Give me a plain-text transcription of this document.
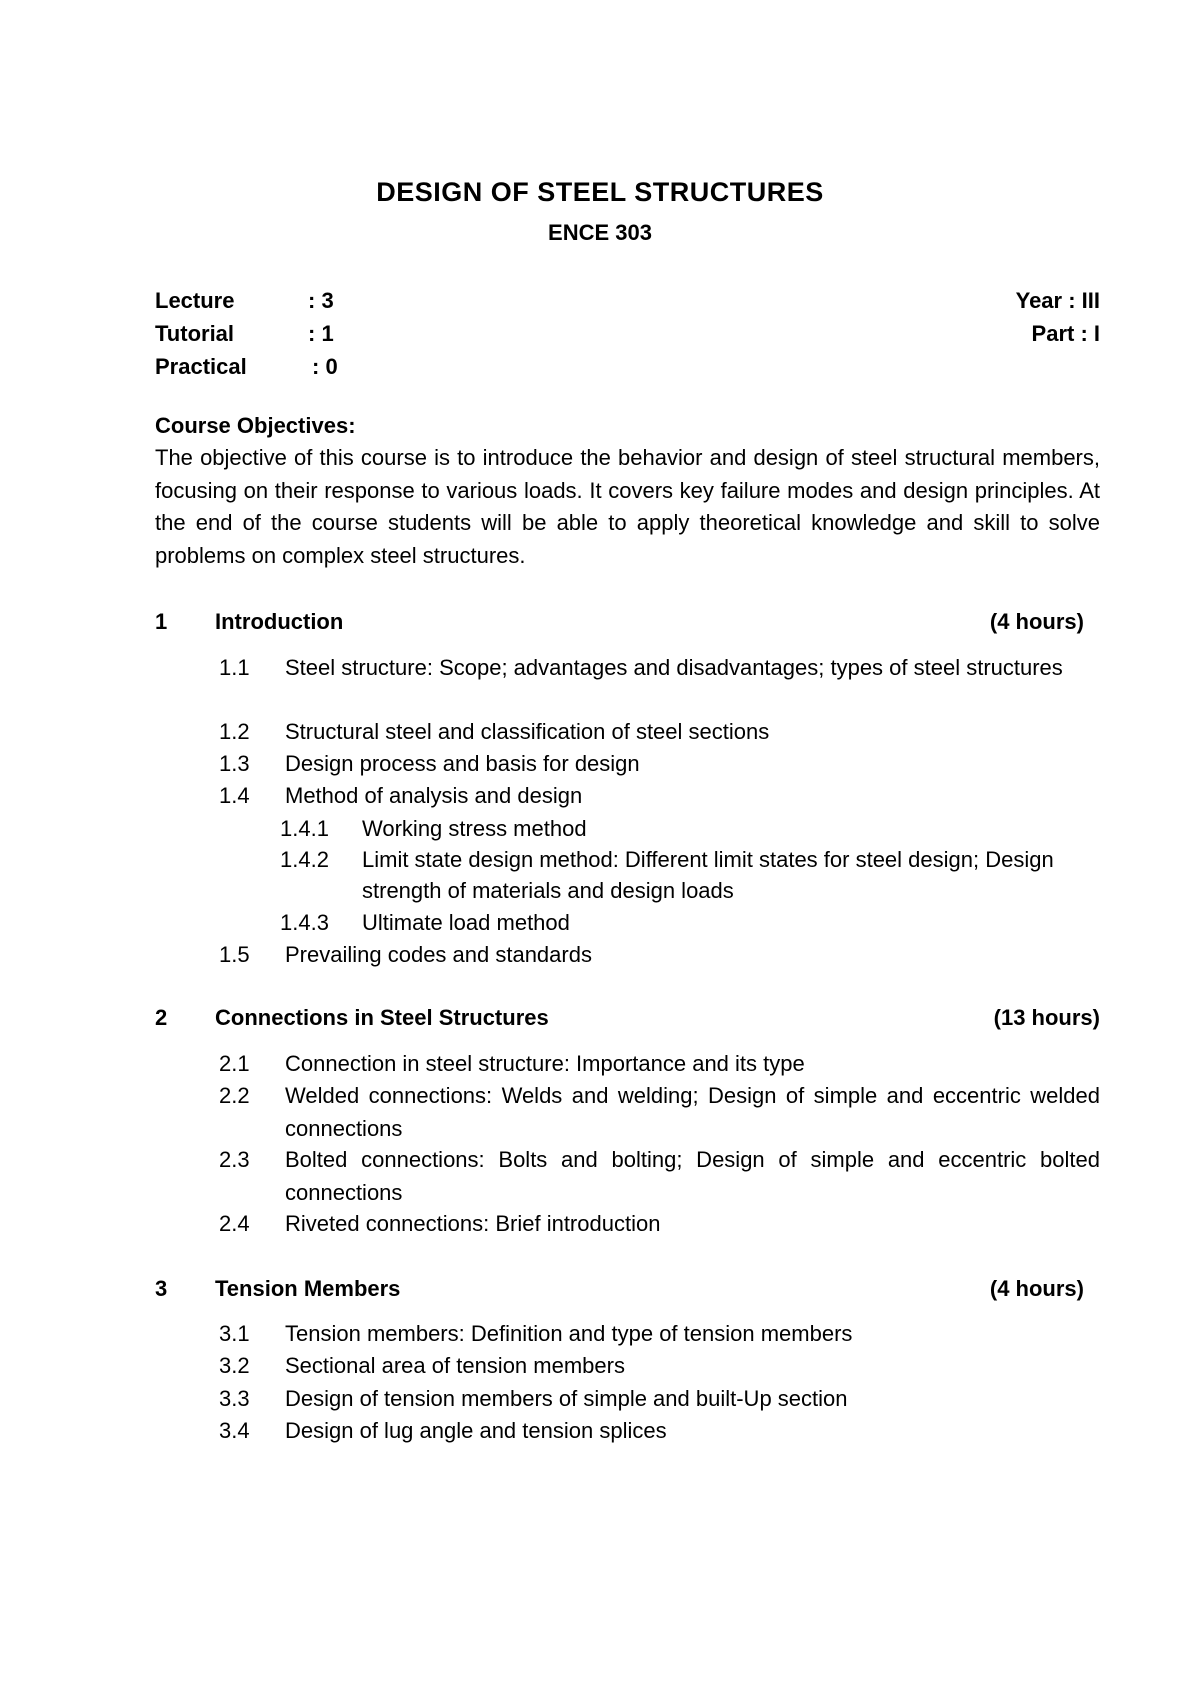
DESIGN OF STEEL STRUCTURES
ENCE 303
Lecture	: 3	Year : III
Tutorial	: 1	Part : I
Practical	: 0
Course Objectives:
The objective of this course is to introduce the behavior and design of steel structural members, focusing on their response to various loads. It covers key failure modes and design principles. At the end of the course students will be able to apply theoretical knowledge and skill to solve problems on complex steel structures.
1 Introduction	(4 hours)
1.1 Steel structure: Scope; advantages and disadvantages; types of steel structures
1.2 Structural steel and classification of steel sections
1.3 Design process and basis for design
1.4 Method of analysis and design
1.4.1 Working stress method
1.4.2 Limit state design method: Different limit states for steel design; Design strength of materials and design loads
1.4.3 Ultimate load method
1.5 Prevailing codes and standards
2 Connections in Steel Structures	(13 hours)
2.1 Connection in steel structure: Importance and its type
2.2 Welded connections: Welds and welding; Design of simple and eccentric welded connections
2.3 Bolted connections: Bolts and bolting; Design of simple and eccentric bolted connections
2.4 Riveted connections: Brief introduction
3 Tension Members	(4 hours)
3.1 Tension members: Definition and type of tension members
3.2 Sectional area of tension members
3.3 Design of tension members of simple and built-Up section
3.4 Design of lug angle and tension splices
